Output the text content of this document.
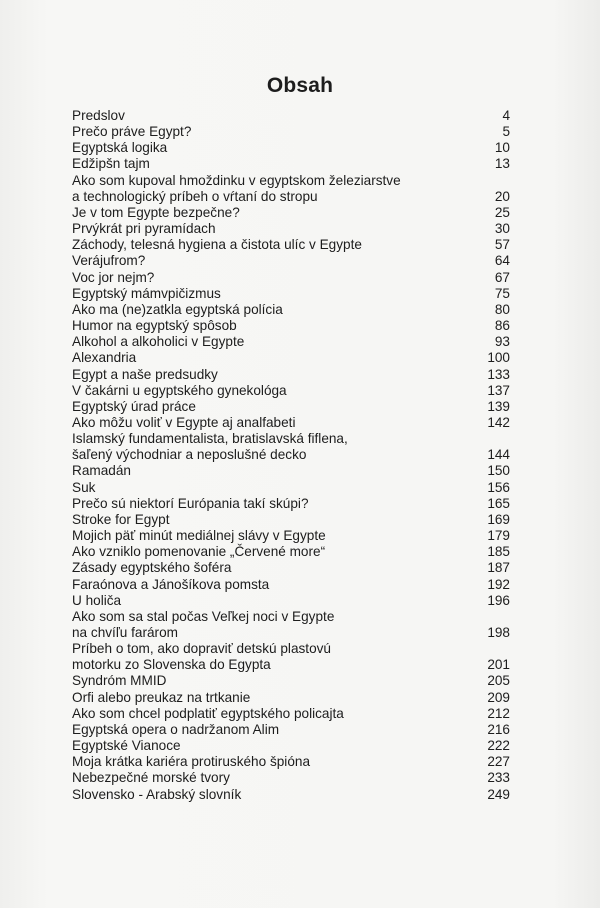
Obsah
Predslov	4
Prečo práve Egypt?	5
Egyptská logika	10
Edžipšn tajm	13
Ako som kupoval hmoždinku v egyptskom železiarstve
a technologický príbeh o vŕtaní do stropu	20
Je v tom Egypte bezpečne?	25
Prvýkrát pri pyramídach	30
Záchody, telesná hygiena a čistota ulíc v Egypte	57
Verájufrom?	64
Voc jor nejm?	67
Egyptský mámvpičizmus	75
Ako ma (ne)zatkla egyptská polícia	80
Humor na egyptský spôsob	86
Alkohol a alkoholici v Egypte	93
Alexandria	100
Egypt a naše predsudky	133
V čakárni u egyptského gynekológa	137
Egyptský úrad práce	139
Ako môžu voliť v Egypte aj analfabeti	142
Islamský fundamentalista, bratislavská fiflena,
šaľený východniar a neposlušné decko	144
Ramadán	150
Suk	156
Prečo sú niektorí Európania takí skúpi?	165
Stroke for Egypt	169
Mojich päť minút mediálnej slávy v Egypte	179
Ako vzniklo pomenovanie „Červené more“	185
Zásady egyptského šoféra	187
Faraónova a Jánošíkova pomsta	192
U holiča	196
Ako som sa stal počas Veľkej noci v Egypte
na chvíľu farárom	198
Príbeh o tom, ako dopraviť detskú plastovú
motorku zo Slovenska do Egypta	201
Syndróm MMID	205
Orfi alebo preukaz na trtkanie	209
Ako som chcel podplatiť egyptského policajta	212
Egyptská opera o nadržanom Alim	216
Egyptské Vianoce	222
Moja krátka kariéra protiruského špióna	227
Nebezpečné morské tvory	233
Slovensko - Arabský slovník	249
